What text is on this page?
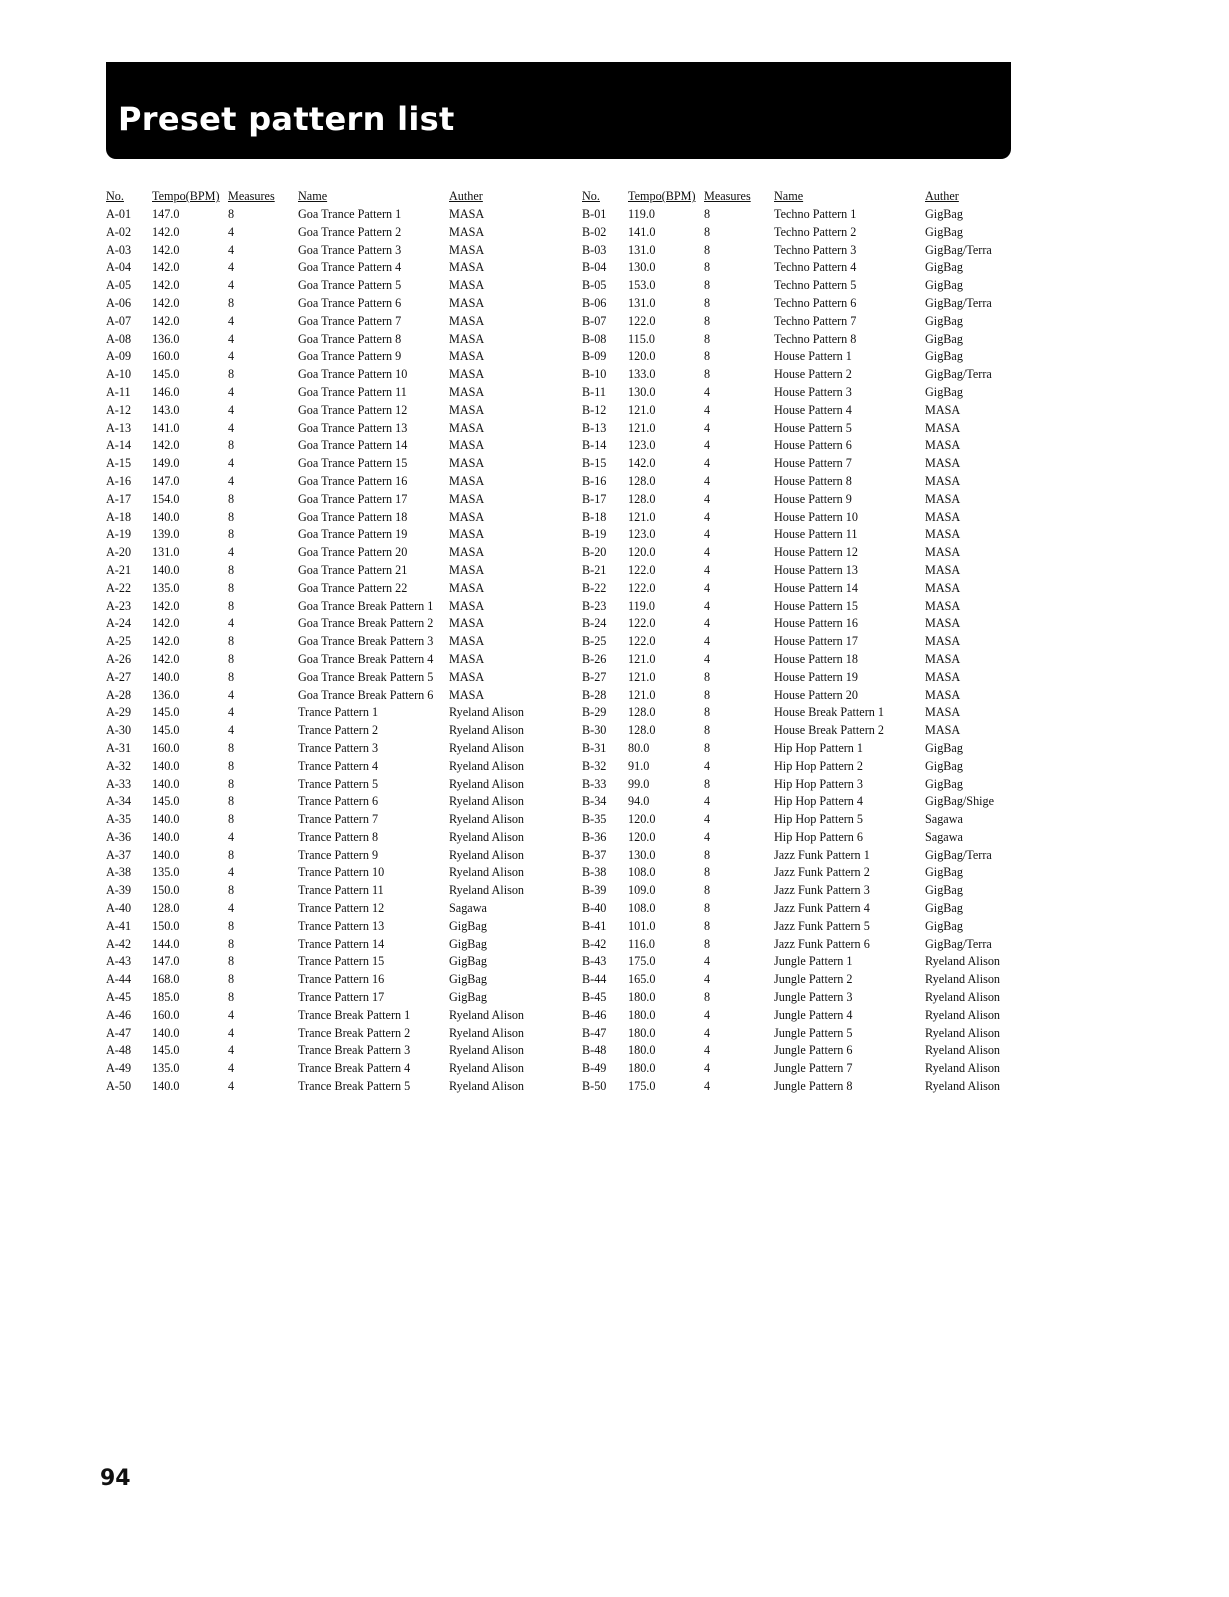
Preset pattern list
No.	Tempo(BPM)	Measures	Name	Auther
A-01	147.0	8	Goa Trance Pattern 1	MASA
A-02	142.0	4	Goa Trance Pattern 2	MASA
A-03	142.0	4	Goa Trance Pattern 3	MASA
A-04	142.0	4	Goa Trance Pattern 4	MASA
A-05	142.0	4	Goa Trance Pattern 5	MASA
A-06	142.0	8	Goa Trance Pattern 6	MASA
A-07	142.0	4	Goa Trance Pattern 7	MASA
A-08	136.0	4	Goa Trance Pattern 8	MASA
A-09	160.0	4	Goa Trance Pattern 9	MASA
A-10	145.0	8	Goa Trance Pattern 10	MASA
A-11	146.0	4	Goa Trance Pattern 11	MASA
A-12	143.0	4	Goa Trance Pattern 12	MASA
A-13	141.0	4	Goa Trance Pattern 13	MASA
A-14	142.0	8	Goa Trance Pattern 14	MASA
A-15	149.0	4	Goa Trance Pattern 15	MASA
A-16	147.0	4	Goa Trance Pattern 16	MASA
A-17	154.0	8	Goa Trance Pattern 17	MASA
A-18	140.0	8	Goa Trance Pattern 18	MASA
A-19	139.0	8	Goa Trance Pattern 19	MASA
A-20	131.0	4	Goa Trance Pattern 20	MASA
A-21	140.0	8	Goa Trance Pattern 21	MASA
A-22	135.0	8	Goa Trance Pattern 22	MASA
A-23	142.0	8	Goa Trance Break Pattern 1	MASA
A-24	142.0	4	Goa Trance Break Pattern 2	MASA
A-25	142.0	8	Goa Trance Break Pattern 3	MASA
A-26	142.0	8	Goa Trance Break Pattern 4	MASA
A-27	140.0	8	Goa Trance Break Pattern 5	MASA
A-28	136.0	4	Goa Trance Break Pattern 6	MASA
A-29	145.0	4	Trance Pattern 1	Ryeland Alison
A-30	145.0	4	Trance Pattern 2	Ryeland Alison
A-31	160.0	8	Trance Pattern 3	Ryeland Alison
A-32	140.0	8	Trance Pattern 4	Ryeland Alison
A-33	140.0	8	Trance Pattern 5	Ryeland Alison
A-34	145.0	8	Trance Pattern 6	Ryeland Alison
A-35	140.0	8	Trance Pattern 7	Ryeland Alison
A-36	140.0	4	Trance Pattern 8	Ryeland Alison
A-37	140.0	8	Trance Pattern 9	Ryeland Alison
A-38	135.0	4	Trance Pattern 10	Ryeland Alison
A-39	150.0	8	Trance Pattern 11	Ryeland Alison
A-40	128.0	4	Trance Pattern 12	Sagawa
A-41	150.0	8	Trance Pattern 13	GigBag
A-42	144.0	8	Trance Pattern 14	GigBag
A-43	147.0	8	Trance Pattern 15	GigBag
A-44	168.0	8	Trance Pattern 16	GigBag
A-45	185.0	8	Trance Pattern 17	GigBag
A-46	160.0	4	Trance Break Pattern 1	Ryeland Alison
A-47	140.0	4	Trance Break Pattern 2	Ryeland Alison
A-48	145.0	4	Trance Break Pattern 3	Ryeland Alison
A-49	135.0	4	Trance Break Pattern 4	Ryeland Alison
A-50	140.0	4	Trance Break Pattern 5	Ryeland Alison
No.	Tempo(BPM)	Measures	Name	Auther
B-01	119.0	8	Techno Pattern 1	GigBag
B-02	141.0	8	Techno Pattern 2	GigBag
B-03	131.0	8	Techno Pattern 3	GigBag/Terra
B-04	130.0	8	Techno Pattern 4	GigBag
B-05	153.0	8	Techno Pattern 5	GigBag
B-06	131.0	8	Techno Pattern 6	GigBag/Terra
B-07	122.0	8	Techno Pattern 7	GigBag
B-08	115.0	8	Techno Pattern 8	GigBag
B-09	120.0	8	House Pattern 1	GigBag
B-10	133.0	8	House Pattern 2	GigBag/Terra
B-11	130.0	4	House Pattern 3	GigBag
B-12	121.0	4	House Pattern 4	MASA
B-13	121.0	4	House Pattern 5	MASA
B-14	123.0	4	House Pattern 6	MASA
B-15	142.0	4	House Pattern 7	MASA
B-16	128.0	4	House Pattern 8	MASA
B-17	128.0	4	House Pattern 9	MASA
B-18	121.0	4	House Pattern 10	MASA
B-19	123.0	4	House Pattern 11	MASA
B-20	120.0	4	House Pattern 12	MASA
B-21	122.0	4	House Pattern 13	MASA
B-22	122.0	4	House Pattern 14	MASA
B-23	119.0	4	House Pattern 15	MASA
B-24	122.0	4	House Pattern 16	MASA
B-25	122.0	4	House Pattern 17	MASA
B-26	121.0	4	House Pattern 18	MASA
B-27	121.0	8	House Pattern 19	MASA
B-28	121.0	8	House Pattern 20	MASA
B-29	128.0	8	House Break Pattern 1	MASA
B-30	128.0	8	House Break Pattern 2	MASA
B-31	80.0	8	Hip Hop Pattern 1	GigBag
B-32	91.0	4	Hip Hop Pattern 2	GigBag
B-33	99.0	8	Hip Hop Pattern 3	GigBag
B-34	94.0	4	Hip Hop Pattern 4	GigBag/Shige
B-35	120.0	4	Hip Hop Pattern 5	Sagawa
B-36	120.0	4	Hip Hop Pattern 6	Sagawa
B-37	130.0	8	Jazz Funk Pattern 1	GigBag/Terra
B-38	108.0	8	Jazz Funk Pattern 2	GigBag
B-39	109.0	8	Jazz Funk Pattern 3	GigBag
B-40	108.0	8	Jazz Funk Pattern 4	GigBag
B-41	101.0	8	Jazz Funk Pattern 5	GigBag
B-42	116.0	8	Jazz Funk Pattern 6	GigBag/Terra
B-43	175.0	4	Jungle Pattern 1	Ryeland Alison
B-44	165.0	4	Jungle Pattern 2	Ryeland Alison
B-45	180.0	8	Jungle Pattern 3	Ryeland Alison
B-46	180.0	4	Jungle Pattern 4	Ryeland Alison
B-47	180.0	4	Jungle Pattern 5	Ryeland Alison
B-48	180.0	4	Jungle Pattern 6	Ryeland Alison
B-49	180.0	4	Jungle Pattern 7	Ryeland Alison
B-50	175.0	4	Jungle Pattern 8	Ryeland Alison
94
